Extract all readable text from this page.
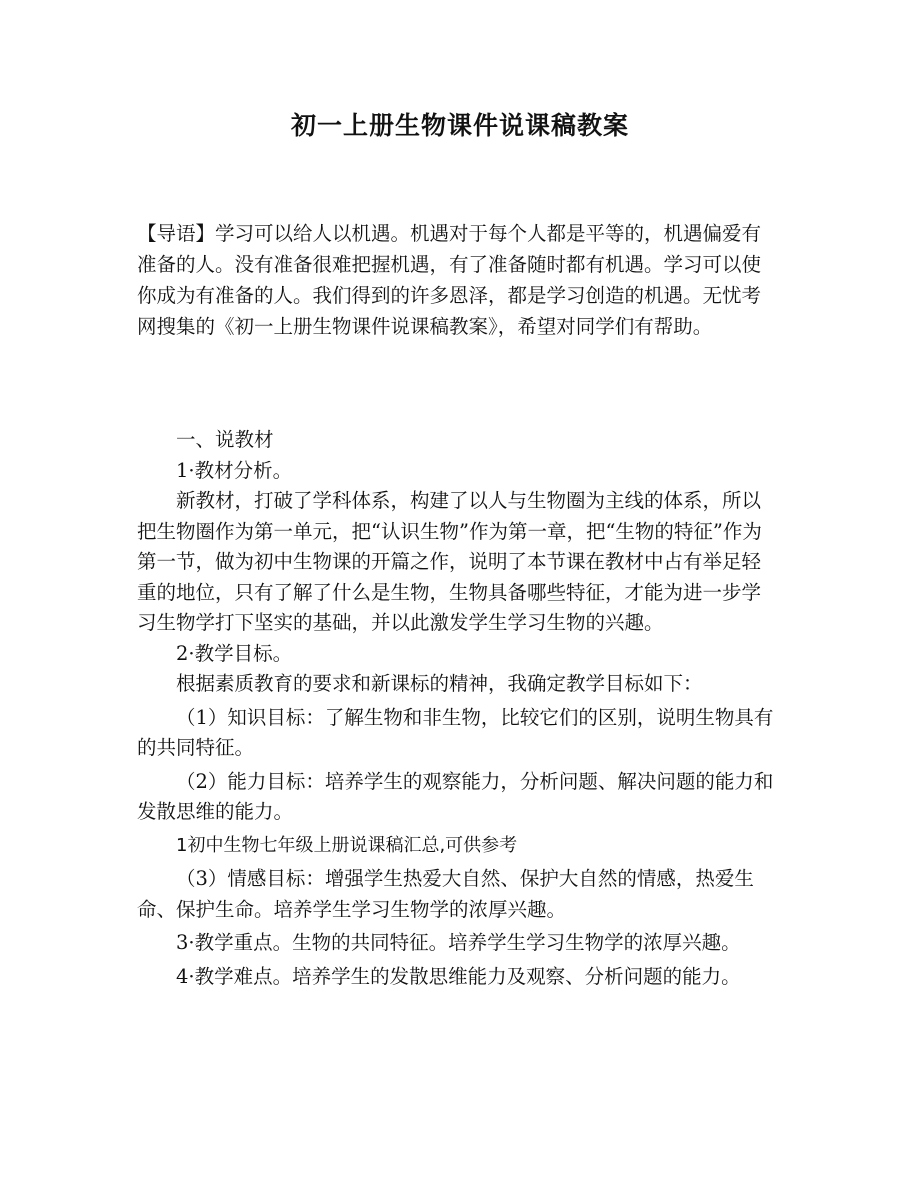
初一上册生物课件说课稿教案

【导语】学习可以给人以机遇。机遇对于每个人都是平等的，机遇偏爱有准备的人。没有准备很难把握机遇，有了准备随时都有机遇。学习可以使你成为有准备的人。我们得到的许多恩泽，都是学习创造的机遇。无忧考网搜集的《初一上册生物课件说课稿教案》，希望对同学们有帮助。

一、说教材

1·教材分析。

新教材，打破了学科体系，构建了以人与生物圈为主线的体系，所以把生物圈作为第一单元，把“认识生物”作为第一章，把“生物的特征”作为第一节，做为初中生物课的开篇之作，说明了本节课在教材中占有举足轻重的地位，只有了解了什么是生物，生物具备哪些特征，才能为进一步学习生物学打下坚实的基础，并以此激发学生学习生物的兴趣。

2·教学目标。

根据素质教育的要求和新课标的精神，我确定教学目标如下：

（1）知识目标：了解生物和非生物，比较它们的区别，说明生物具有的共同特征。

（2）能力目标：培养学生的观察能力，分析问题、解决问题的能力和发散思维的能力。

1初中生物七年级上册说课稿汇总,可供参考

（3）情感目标：增强学生热爱大自然、保护大自然的情感，热爱生命、保护生命。培养学生学习生物学的浓厚兴趣。

3·教学重点。生物的共同特征。培养学生学习生物学的浓厚兴趣。

4·教学难点。培养学生的发散思维能力及观察、分析问题的能力。
